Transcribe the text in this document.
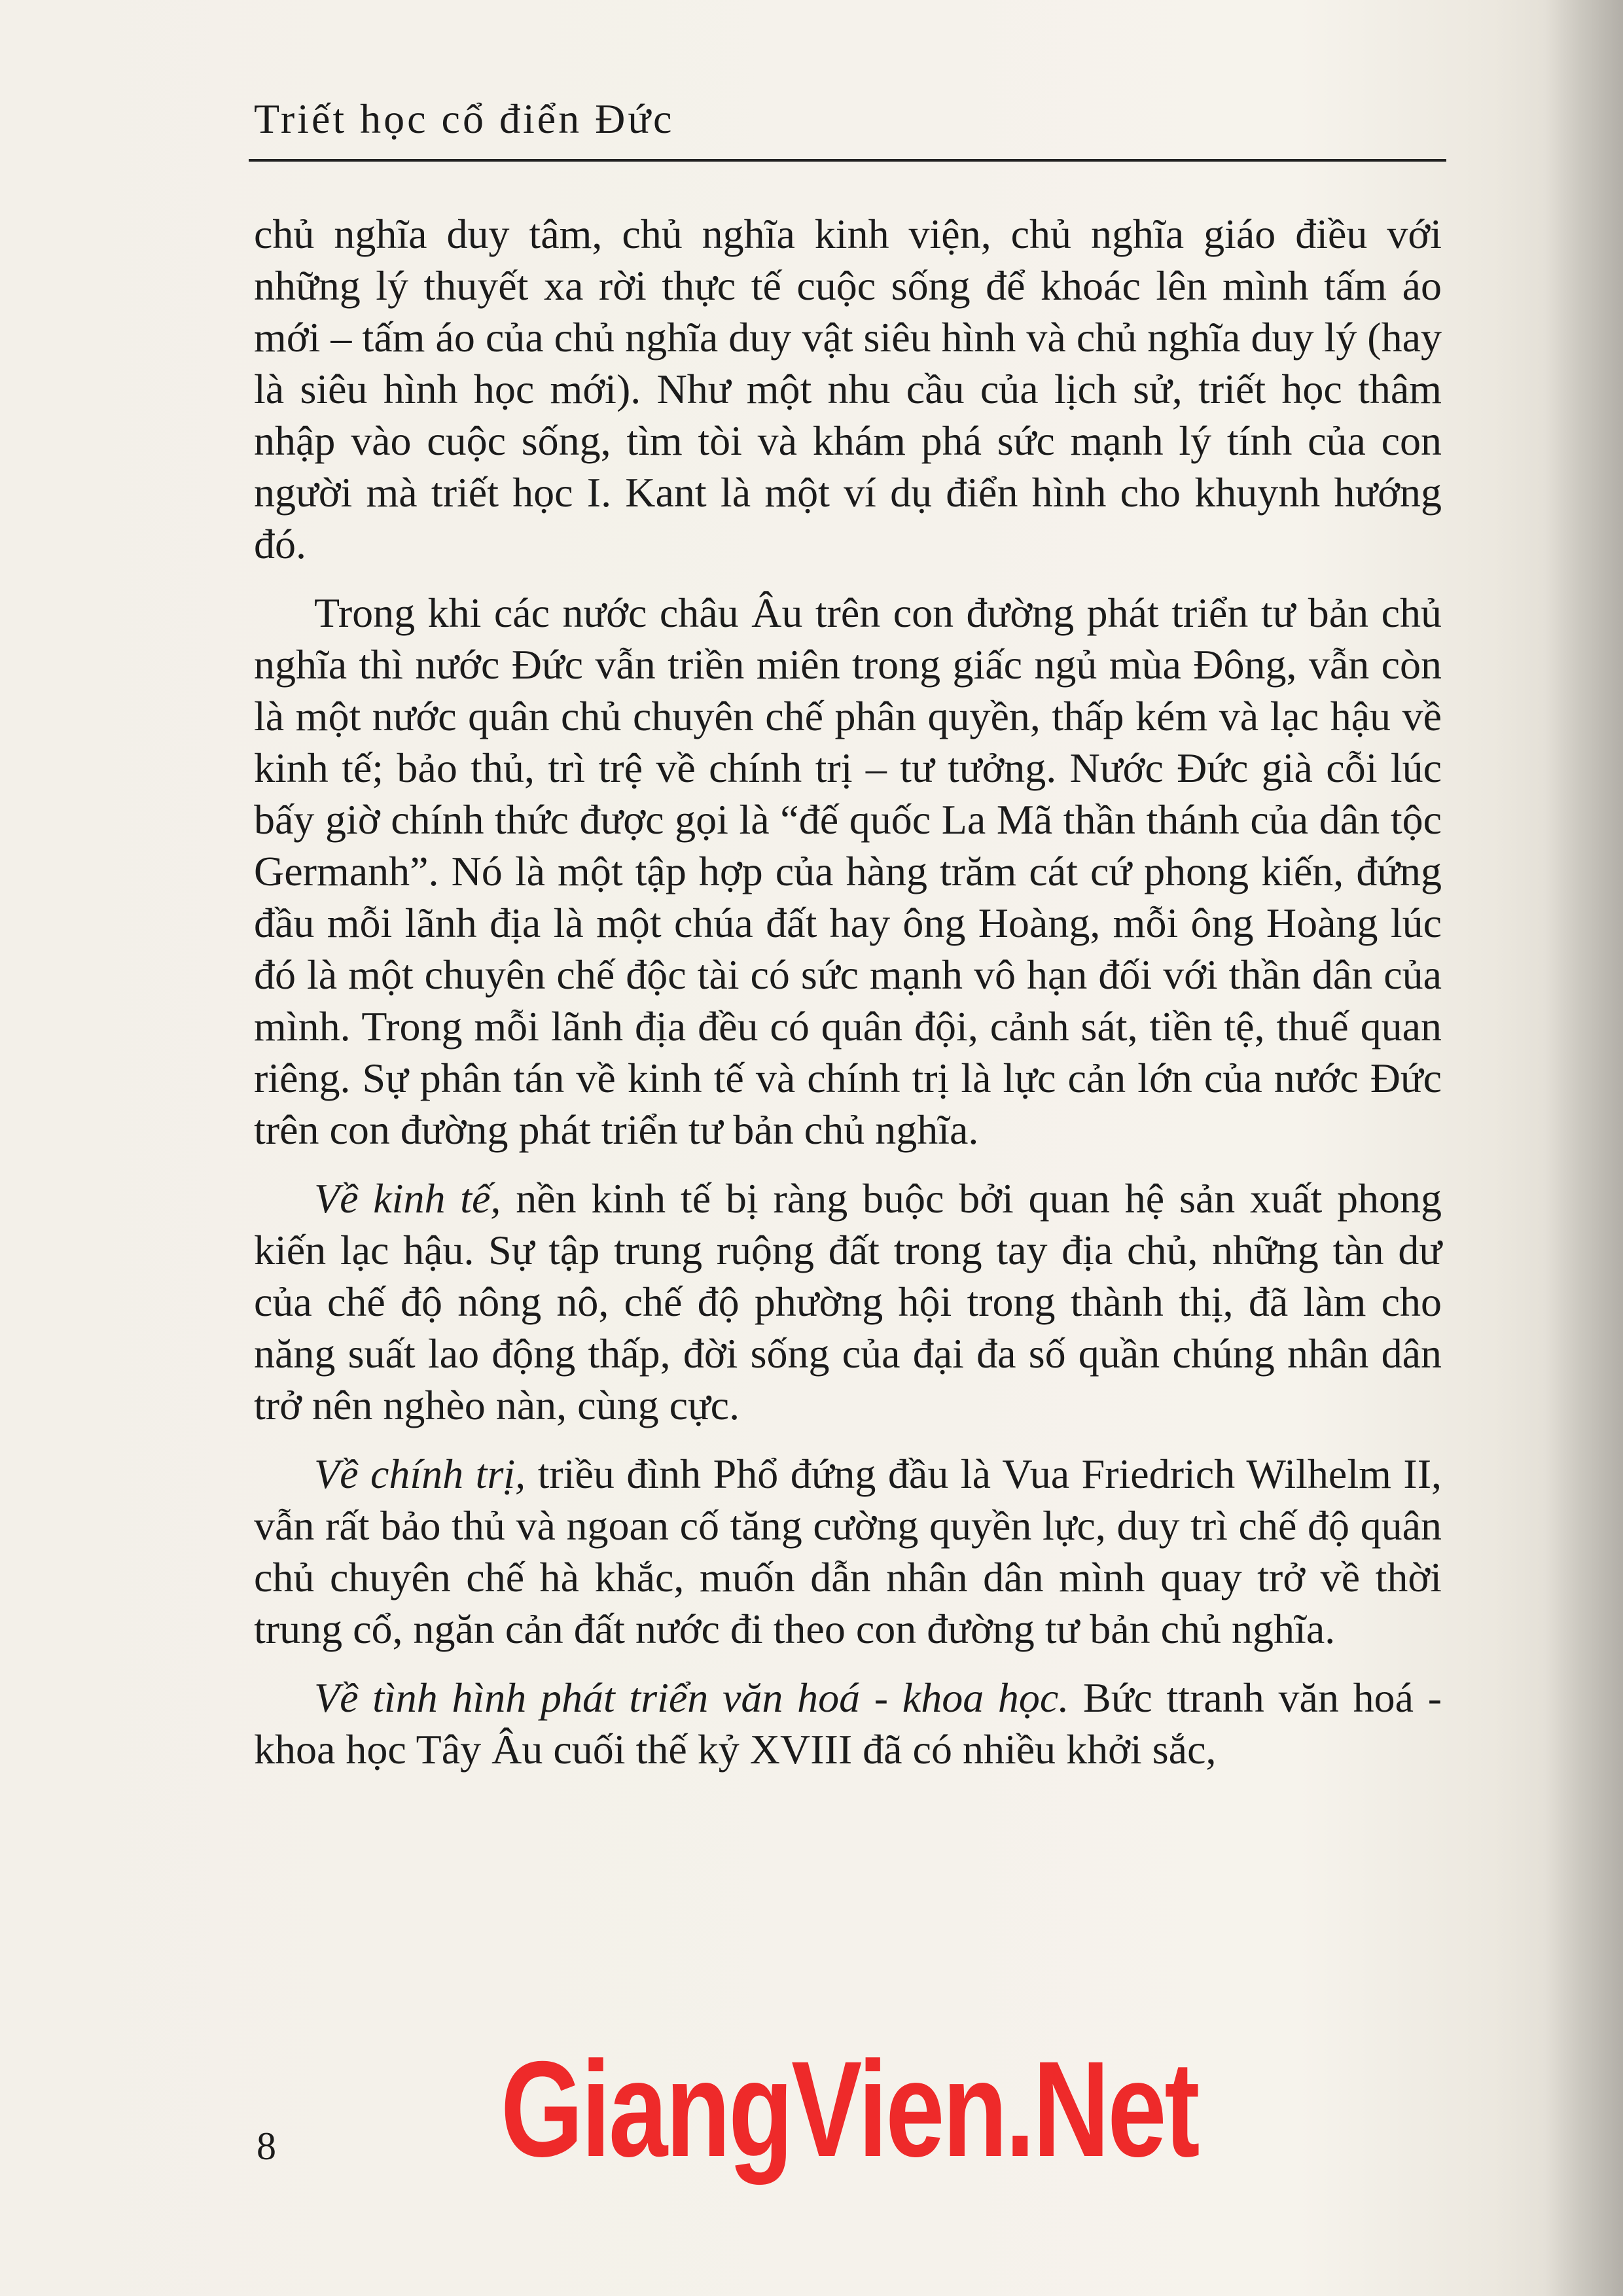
Triết học cổ điển Đức

chủ nghĩa duy tâm, chủ nghĩa kinh viện, chủ nghĩa giáo điều với những lý thuyết xa rời thực tế cuộc sống để khoác lên mình tấm áo mới – tấm áo của chủ nghĩa duy vật siêu hình và chủ nghĩa duy lý (hay là siêu hình học mới). Như một nhu cầu của lịch sử, triết học thâm nhập vào cuộc sống, tìm tòi và khám phá sức mạnh lý tính của con người mà triết học I. Kant là một ví dụ điển hình cho khuynh hướng đó.

Trong khi các nước châu Âu trên con đường phát triển tư bản chủ nghĩa thì nước Đức vẫn triền miên trong giấc ngủ mùa Đông, vẫn còn là một nước quân chủ chuyên chế phân quyền, thấp kém và lạc hậu về kinh tế; bảo thủ, trì trệ về chính trị – tư tưởng. Nước Đức già cỗi lúc bấy giờ chính thức được gọi là “đế quốc La Mã thần thánh của dân tộc Germanh”. Nó là một tập hợp của hàng trăm cát cứ phong kiến, đứng đầu mỗi lãnh địa là một chúa đất hay ông Hoàng, mỗi ông Hoàng lúc đó là một chuyên chế độc tài có sức mạnh vô hạn đối với thần dân của mình. Trong mỗi lãnh địa đều có quân đội, cảnh sát, tiền tệ, thuế quan riêng. Sự phân tán về kinh tế và chính trị là lực cản lớn của nước Đức trên con đường phát triển tư bản chủ nghĩa.

Về kinh tế, nền kinh tế bị ràng buộc bởi quan hệ sản xuất phong kiến lạc hậu. Sự tập trung ruộng đất trong tay địa chủ, những tàn dư của chế độ nông nô, chế độ phường hội trong thành thị, đã làm cho năng suất lao động thấp, đời sống của đại đa số quần chúng nhân dân trở nên nghèo nàn, cùng cực.

Về chính trị, triều đình Phổ đứng đầu là Vua Friedrich Wilhelm II, vẫn rất bảo thủ và ngoan cố tăng cường quyền lực, duy trì chế độ quân chủ chuyên chế hà khắc, muốn dẫn nhân dân mình quay trở về thời trung cổ, ngăn cản đất nước đi theo con đường tư bản chủ nghĩa.

Về tình hình phát triển văn hoá - khoa học. Bức ttranh văn hoá - khoa học Tây Âu cuối thế kỷ XVIII đã có nhiều khởi sắc,

8 GiangVien.Net
